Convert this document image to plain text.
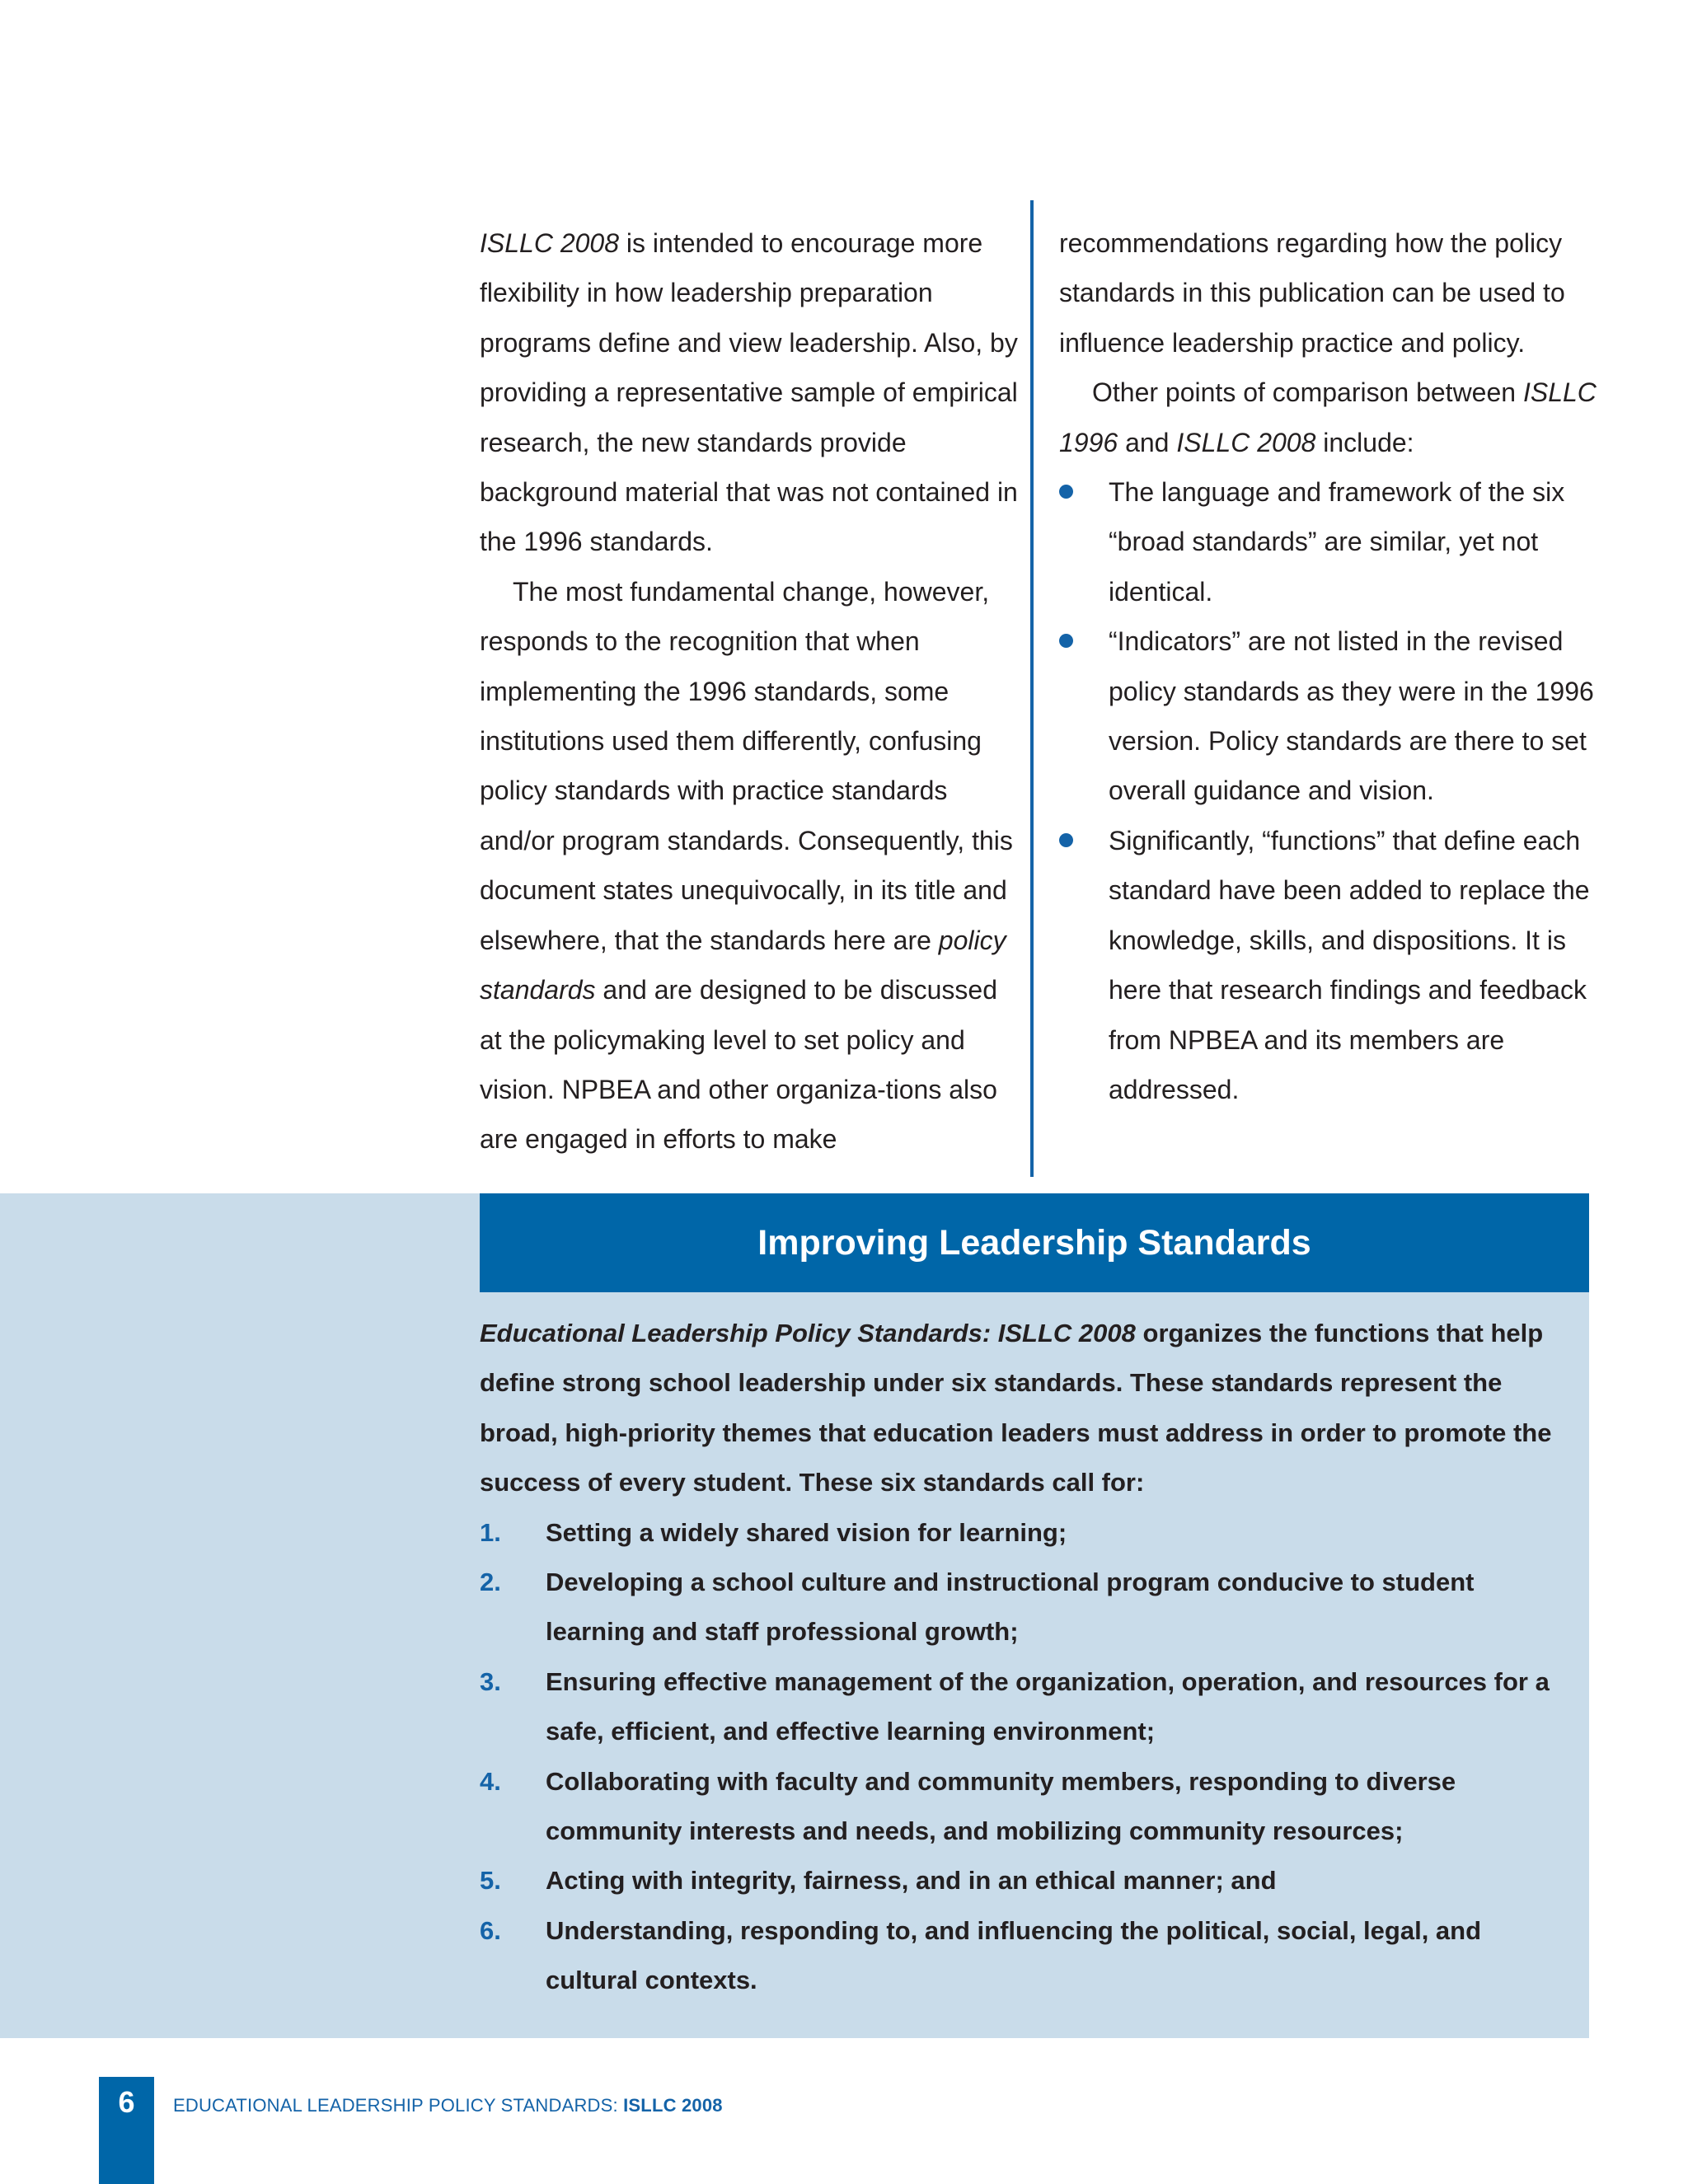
ISLLC 2008 is intended to encourage more flexibility in how leadership preparation programs define and view leadership. Also, by providing a representative sample of empirical research, the new standards provide background material that was not contained in the 1996 standards.

The most fundamental change, however, responds to the recognition that when implementing the 1996 standards, some institutions used them differently, confusing policy standards with practice standards and/or program standards. Consequently, this document states unequivocally, in its title and elsewhere, that the standards here are policy standards and are designed to be discussed at the policymaking level to set policy and vision. NPBEA and other organiza-tions also are engaged in efforts to make

recommendations regarding how the policy standards in this publication can be used to influence leadership practice and policy.

Other points of comparison between ISLLC 1996 and ISLLC 2008 include:

The language and framework of the six “broad standards” are similar, yet not identical.
“Indicators” are not listed in the revised policy standards as they were in the 1996 version. Policy standards are there to set overall guidance and vision.
Significantly, “functions” that define each standard have been added to replace the knowledge, skills, and dispositions. It is here that research findings and feedback from NPBEA and its members are addressed.
Improving Leadership Standards

Educational Leadership Policy Standards: ISLLC 2008 organizes the functions that help define strong school leadership under six standards. These standards represent the broad, high-priority themes that education leaders must address in order to promote the success of every student. These six standards call for:

1. Setting a widely shared vision for learning;
2. Developing a school culture and instructional program conducive to student learning and staff professional growth;
3. Ensuring effective management of the organization, operation, and resources for a safe, efficient, and effective learning environment;
4. Collaborating with faculty and community members, responding to diverse community interests and needs, and mobilizing community resources;
5. Acting with integrity, fairness, and in an ethical manner; and
6. Understanding, responding to, and influencing the political, social, legal, and cultural contexts.
6	EDUCATIONAL LEADERSHIP POLICY STANDARDS: ISLLC 2008
